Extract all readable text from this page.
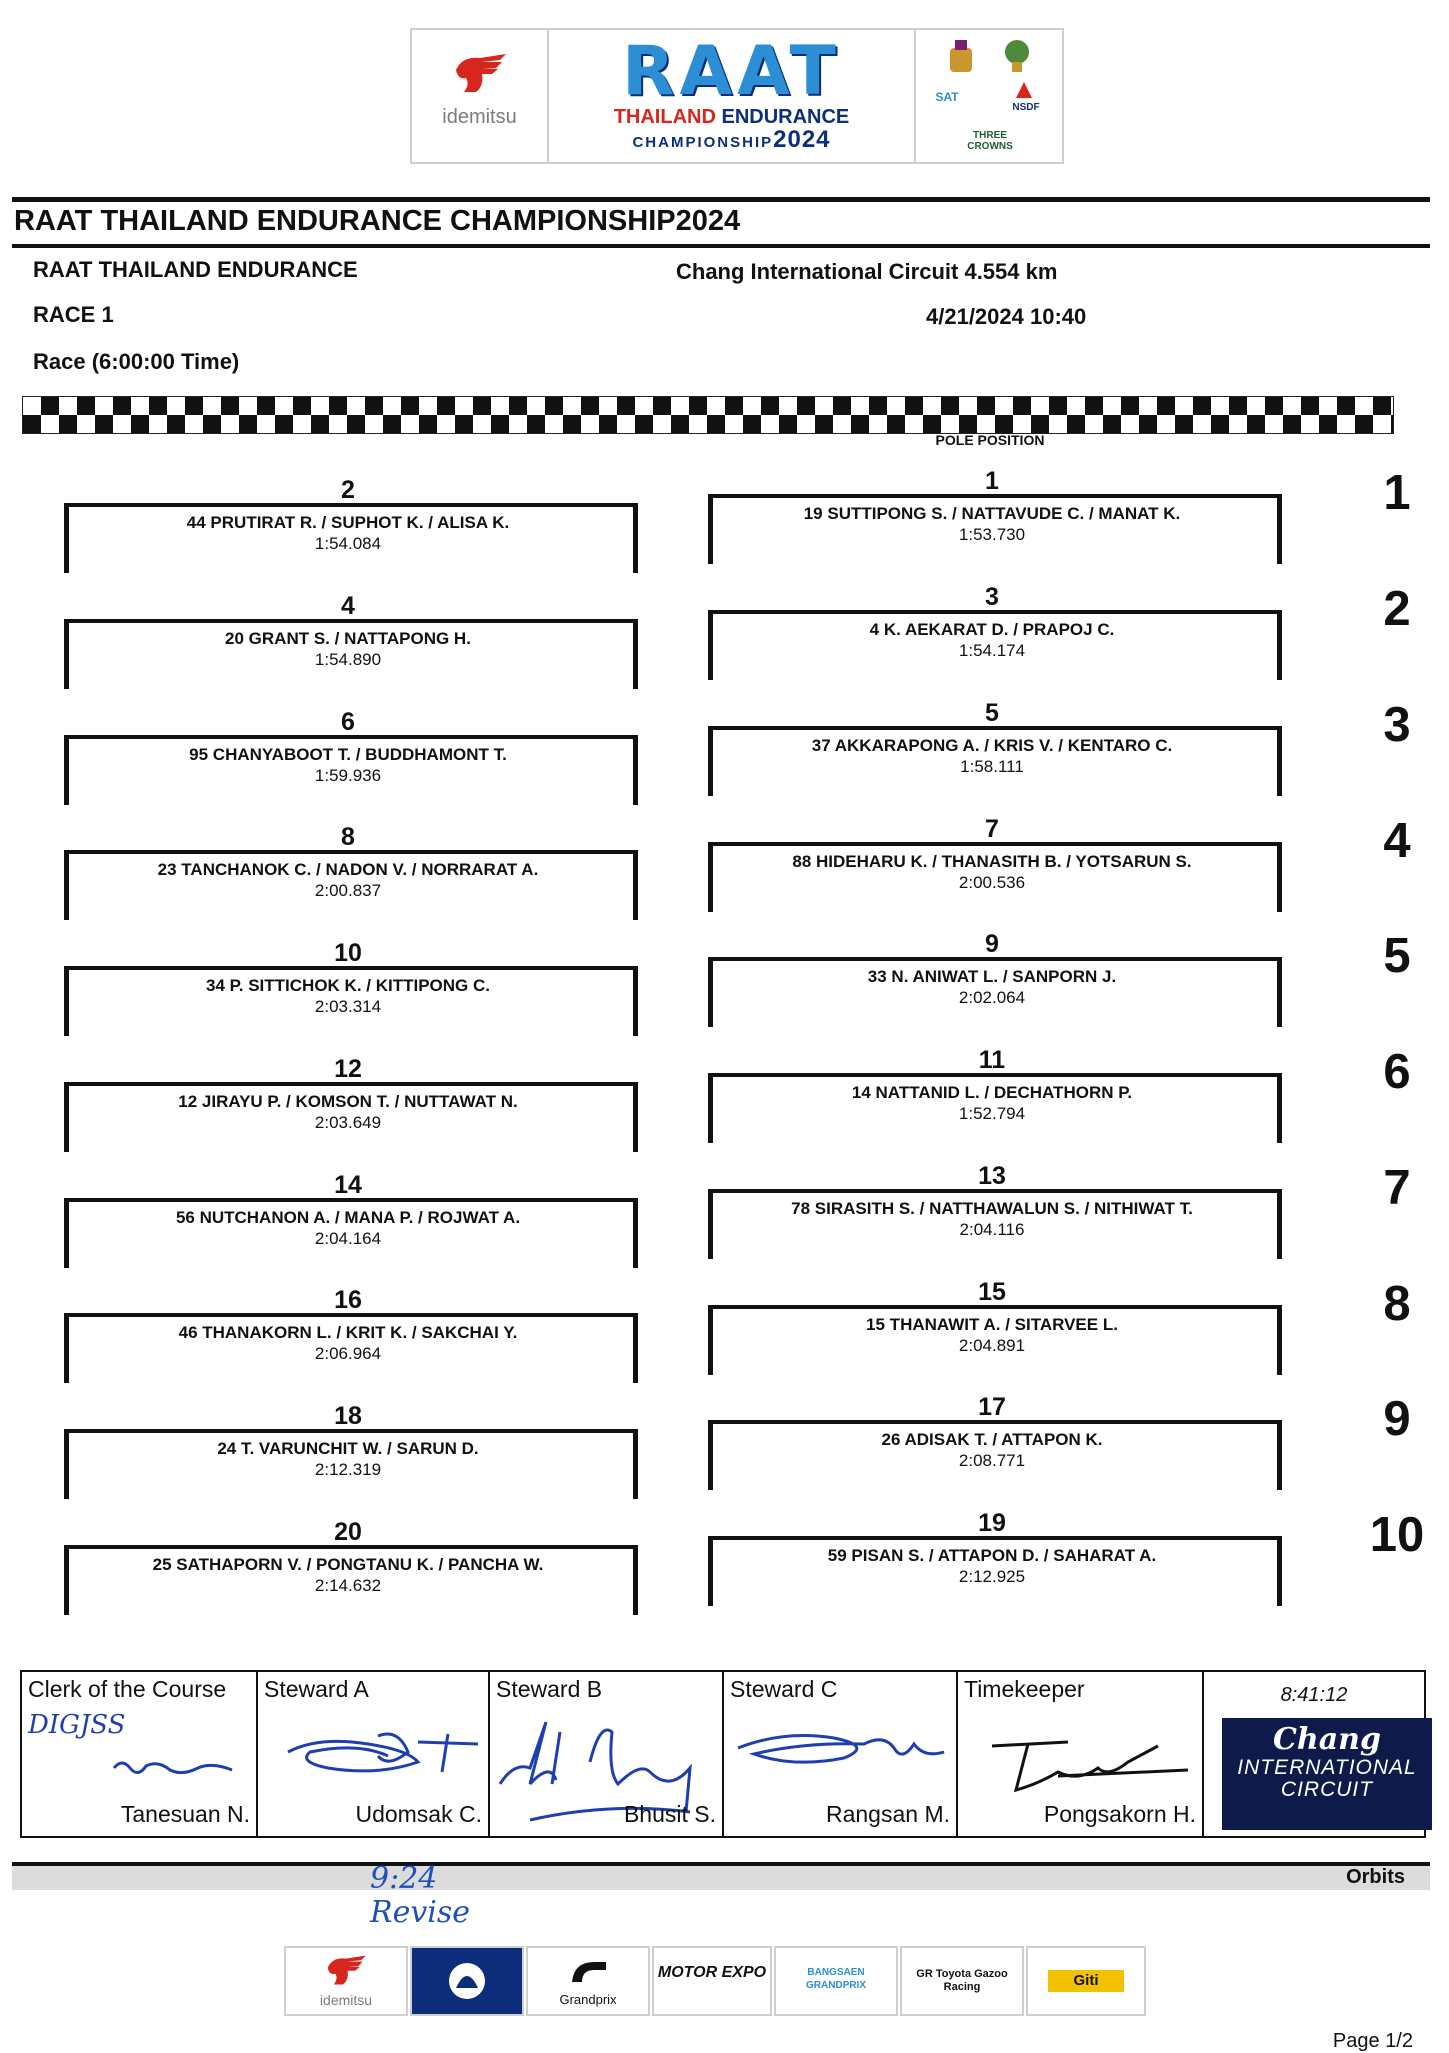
idemitsu
RAAT
THAILAND ENDURANCE
CHAMPIONSHIP2024
SAT
NSDF
THREE CROWNS
RAAT THAILAND ENDURANCE CHAMPIONSHIP2024
RAAT THAILAND ENDURANCE	Chang International Circuit 4.554 km
RACE 1	4/21/2024 10:40
Race (6:00:00 Time)
POLE POSITION
2
44 PRUTIRAT R. / SUPHOT K. / ALISA K.
1:54.084
4
20 GRANT S. / NATTAPONG H.
1:54.890
6
95 CHANYABOOT T. / BUDDHAMONT T.
1:59.936
8
23 TANCHANOK C. / NADON V. / NORRARAT A.
2:00.837
10
34 P. SITTICHOK K. / KITTIPONG C.
2:03.314
12
12 JIRAYU P. / KOMSON T. / NUTTAWAT N.
2:03.649
14
56 NUTCHANON A. / MANA P. / ROJWAT A.
2:04.164
16
46 THANAKORN L. / KRIT K. / SAKCHAI Y.
2:06.964
18
24 T. VARUNCHIT W. / SARUN D.
2:12.319
20
25 SATHAPORN V. / PONGTANU K. / PANCHA W.
2:14.632
1
19 SUTTIPONG S. / NATTAVUDE C. / MANAT K.
1:53.730
3
4 K. AEKARAT D. / PRAPOJ C.
1:54.174
5
37 AKKARAPONG A. / KRIS V. / KENTARO C.
1:58.111
7
88 HIDEHARU K. / THANASITH B. / YOTSARUN S.
2:00.536
9
33 N. ANIWAT L. / SANPORN J.
2:02.064
11
14 NATTANID L. / DECHATHORN P.
1:52.794
13
78 SIRASITH S. / NATTHAWALUN S. / NITHIWAT T.
2:04.116
15
15 THANAWIT A. / SITARVEE L.
2:04.891
17
26 ADISAK T. / ATTAPON K.
2:08.771
19
59 PISAN S. / ATTAPON D. / SAHARAT A.
2:12.925
1
2
3
4
5
6
7
8
9
10
Clerk of the Course
DIGJSS
Tanesuan N.
Steward A
Udomsak C.
Steward B
Bhusit S.
Steward C
Rangsan M.
Timekeeper
Pongsakorn H.
8:41:12
Chang
INTERNATIONAL
CIRCUIT
Orbits
9:24
Revise
idemitsu	Grandprix
MOTOR EXPO	BANGSAEN GRANDPRIX
GR Toyota Gazoo Racing	Giti
Page 1/2
